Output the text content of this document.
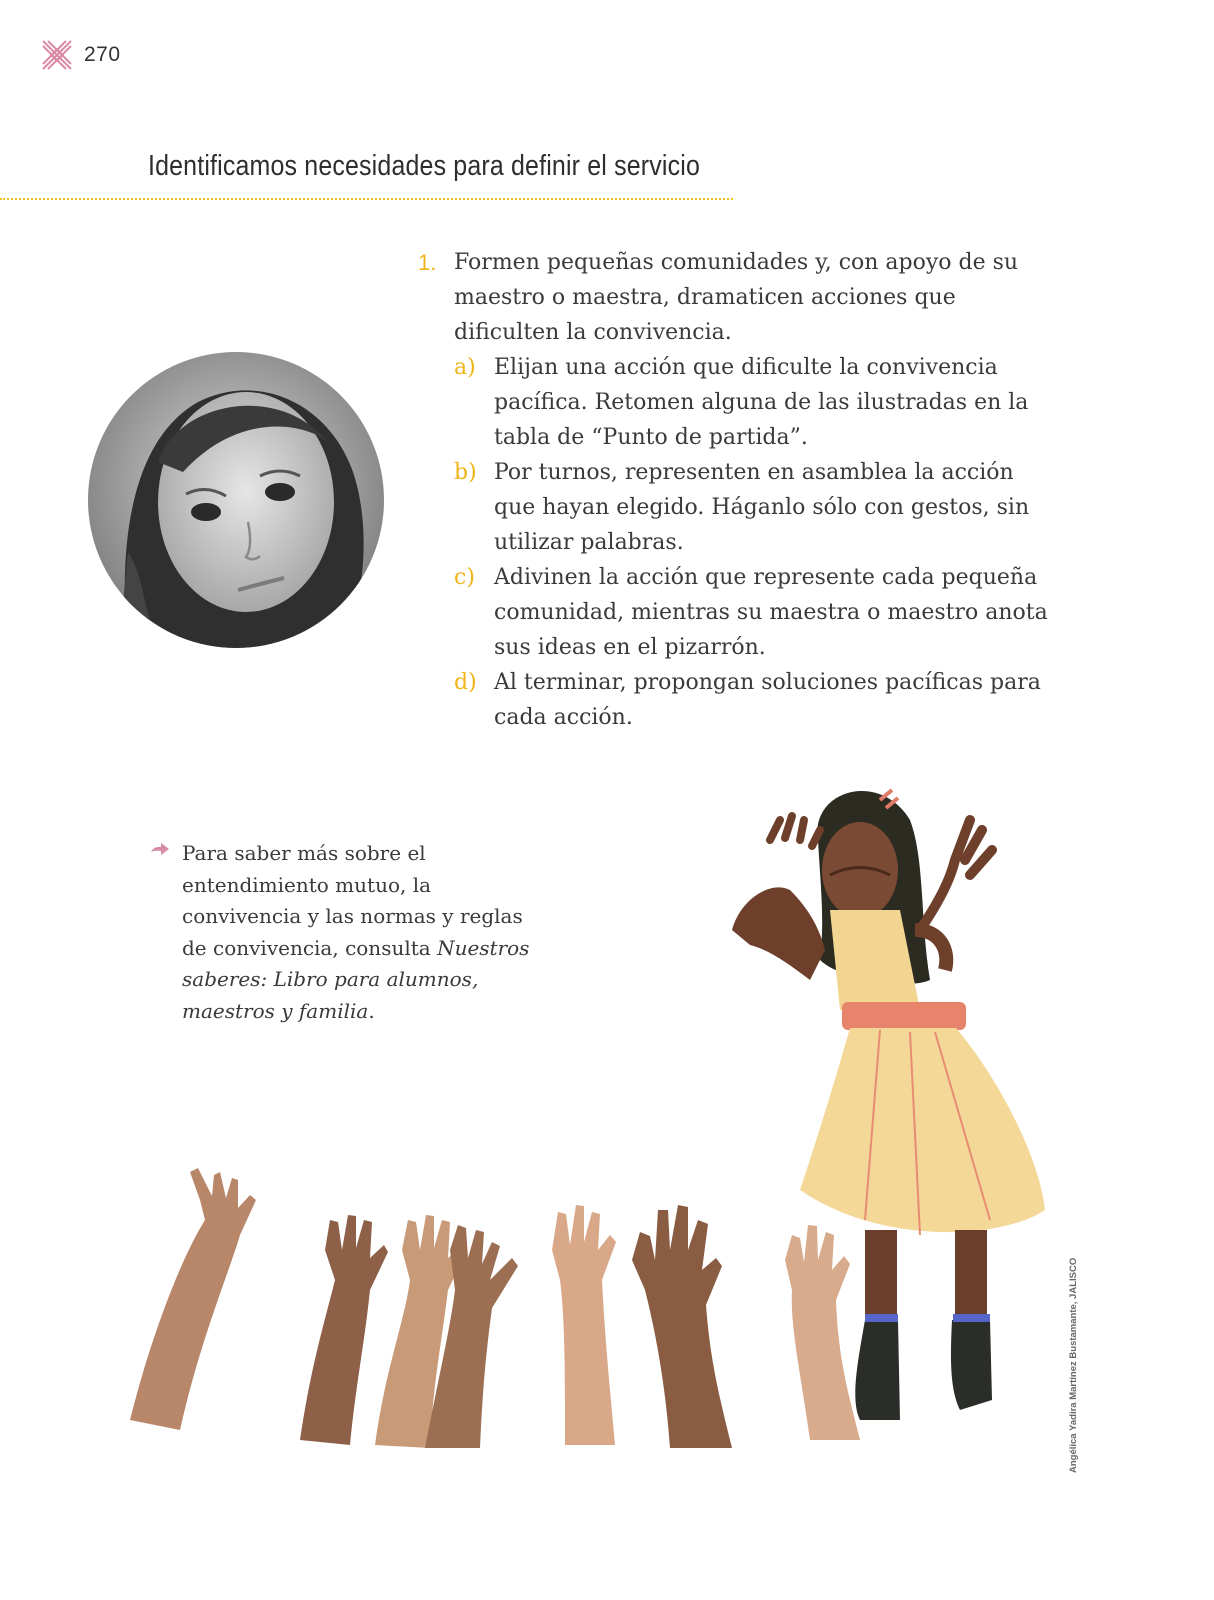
270
Identificamos necesidades para definir el servicio
1. Formen pequeñas comunidades y, con apoyo de su maestro o maestra, dramaticen acciones que dificulten la convivencia.
a) Elijan una acción que dificulte la convivencia pacífica. Retomen alguna de las ilustradas en la tabla de “Punto de partida”.
b) Por turnos, representen en asamblea la acción que hayan elegido. Háganlo sólo con gestos, sin utilizar palabras.
c) Adivinen la acción que represente cada pequeña comunidad, mientras su maestra o maestro anota sus ideas en el pizarrón.
d) Al terminar, propongan soluciones pacíficas para cada acción.
Para saber más sobre el entendimiento mutuo, la convivencia y las normas y reglas de convivencia, consulta Nuestros saberes: Libro para alumnos, maestros y familia.
Angélica Yadira Martínez Bustamante, JALISCO
